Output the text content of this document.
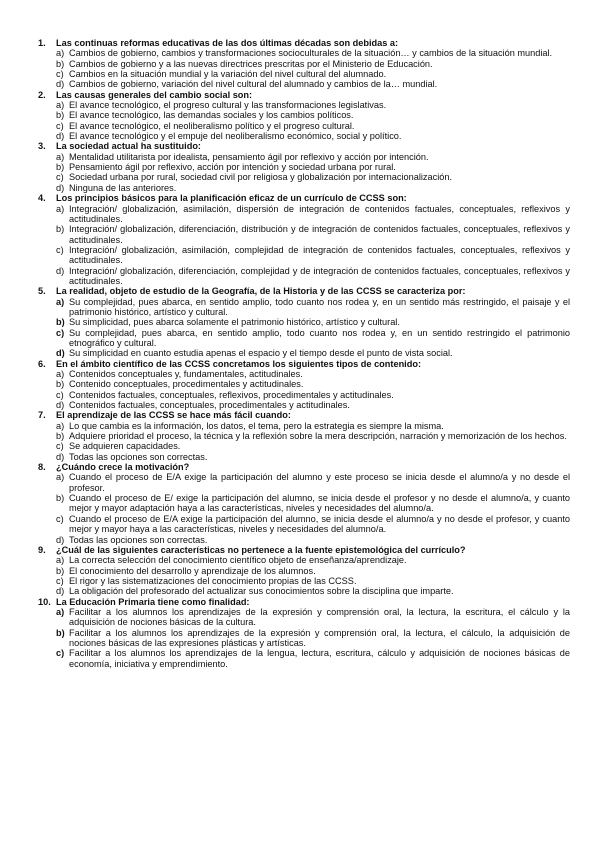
1.	Las continuas reformas educativas de las dos últimas décadas son debidas a:
a) Cambios de gobierno, cambios y transformaciones socioculturales de la situación… y cambios de la situación mundial.
b) Cambios de gobierno y a las nuevas directrices prescritas por el Ministerio de Educación.
c) Cambios en la situación mundial y la variación del nivel cultural del alumnado.
d) Cambios de gobierno, variación del nivel cultural del alumnado y cambios de la… mundial.
2.	Las causas generales del cambio social son:
a) El avance tecnológico, el progreso cultural y las transformaciones legislativas.
b) El avance tecnológico, las demandas sociales y los cambios políticos.
c) El avance tecnológico, el neoliberalismo político y el progreso cultural.
d) El avance tecnológico y el empuje del neoliberalismo económico, social y político.
3.	La sociedad actual ha sustituido:
a) Mentalidad utilitarista por idealista, pensamiento ágil por reflexivo y acción por intención.
b) Pensamiento ágil por reflexivo, acción por intención y sociedad urbana por rural.
c) Sociedad urbana por rural, sociedad civil por religiosa y globalización por internacionalización.
d) Ninguna de las anteriores.
4.	Los principios básicos para la planificación eficaz de un currículo de CCSS son:
a) Integración/ globalización, asimilación, dispersión de integración de contenidos factuales, conceptuales, reflexivos y actitudinales.
b) Integración/ globalización, diferenciación, distribución y de integración de contenidos factuales, conceptuales, reflexivos y actitudinales.
c) Integración/ globalización, asimilación, complejidad de integración de contenidos factuales, conceptuales, reflexivos y actitudinales.
d) Integración/ globalización, diferenciación, complejidad y de integración de contenidos factuales, conceptuales, reflexivos y actitudinales.
5.	La realidad, objeto de estudio de la Geografía, de la Historia y de las CCSS se caracteriza por:
a) Su complejidad, pues abarca, en sentido amplio, todo cuanto nos rodea y, en un sentido más restringido, el paisaje y el patrimonio histórico, artístico y cultural.
b) Su simplicidad, pues abarca solamente el patrimonio histórico, artístico y cultural.
c) Su complejidad, pues abarca, en sentido amplio, todo cuanto nos rodea y, en un sentido restringido el patrimonio etnográfico y cultural.
d) Su simplicidad en cuanto estudia apenas el espacio y el tiempo desde el punto de vista social.
6.	En el ámbito científico de las CCSS concretamos los siguientes tipos de contenido:
a) Contenidos conceptuales y, fundamentales, actitudinales.
b) Contenido conceptuales, procedimentales y actitudinales.
c) Contenidos factuales, conceptuales, reflexivos, procedimentales y actitudinales.
d) Contenidos factuales, conceptuales, procedimentales y actitudinales.
7.	El aprendizaje de las CCSS se hace más fácil cuando:
a) Lo que cambia es la información, los datos, el tema, pero la estrategia es siempre la misma.
b) Adquiere prioridad el proceso, la técnica y la reflexión sobre la mera descripción, narración y memorización de los hechos.
c) Se adquieren capacidades.
d) Todas las opciones son correctas.
8.	¿Cuándo crece la motivación?
a) Cuando el proceso de E/A exige la participación del alumno y este proceso se inicia desde el alumno/a y no desde el profesor.
b) Cuando el proceso de E/ exige la participación del alumno, se inicia desde el profesor y no desde el alumno/a, y cuanto mejor y mayor adaptación haya a las características, niveles y necesidades del alumno/a.
c) Cuando el proceso de E/A exige la participación del alumno, se inicia desde el alumno/a y no desde el profesor, y cuanto mejor y mayor haya a las características, niveles y necesidades del alumno/a.
d) Todas las opciones son correctas.
9.	¿Cuál de las siguientes características no pertenece a la fuente epistemológica del currículo?
a) La correcta selección del conocimiento científico objeto de enseñanza/aprendizaje.
b) El conocimiento del desarrollo y aprendizaje de los alumnos.
c) El rigor y las sistematizaciones del conocimiento propias de las CCSS.
d) La obligación del profesorado del actualizar sus conocimientos sobre la disciplina que imparte.
10. La Educación Primaria tiene como finalidad:
a) Facilitar a los alumnos los aprendizajes de la expresión y comprensión oral, la lectura, la escritura, el cálculo y la adquisición de nociones básicas de la cultura.
b) Facilitar a los alumnos los aprendizajes de la expresión y comprensión oral, la lectura, el cálculo, la adquisición de nociones básicas de las expresiones plásticas y artísticas.
c) Facilitar a los alumnos los aprendizajes de la lengua, lectura, escritura, cálculo y adquisición de nociones básicas de economía, iniciativa y emprendimiento.
